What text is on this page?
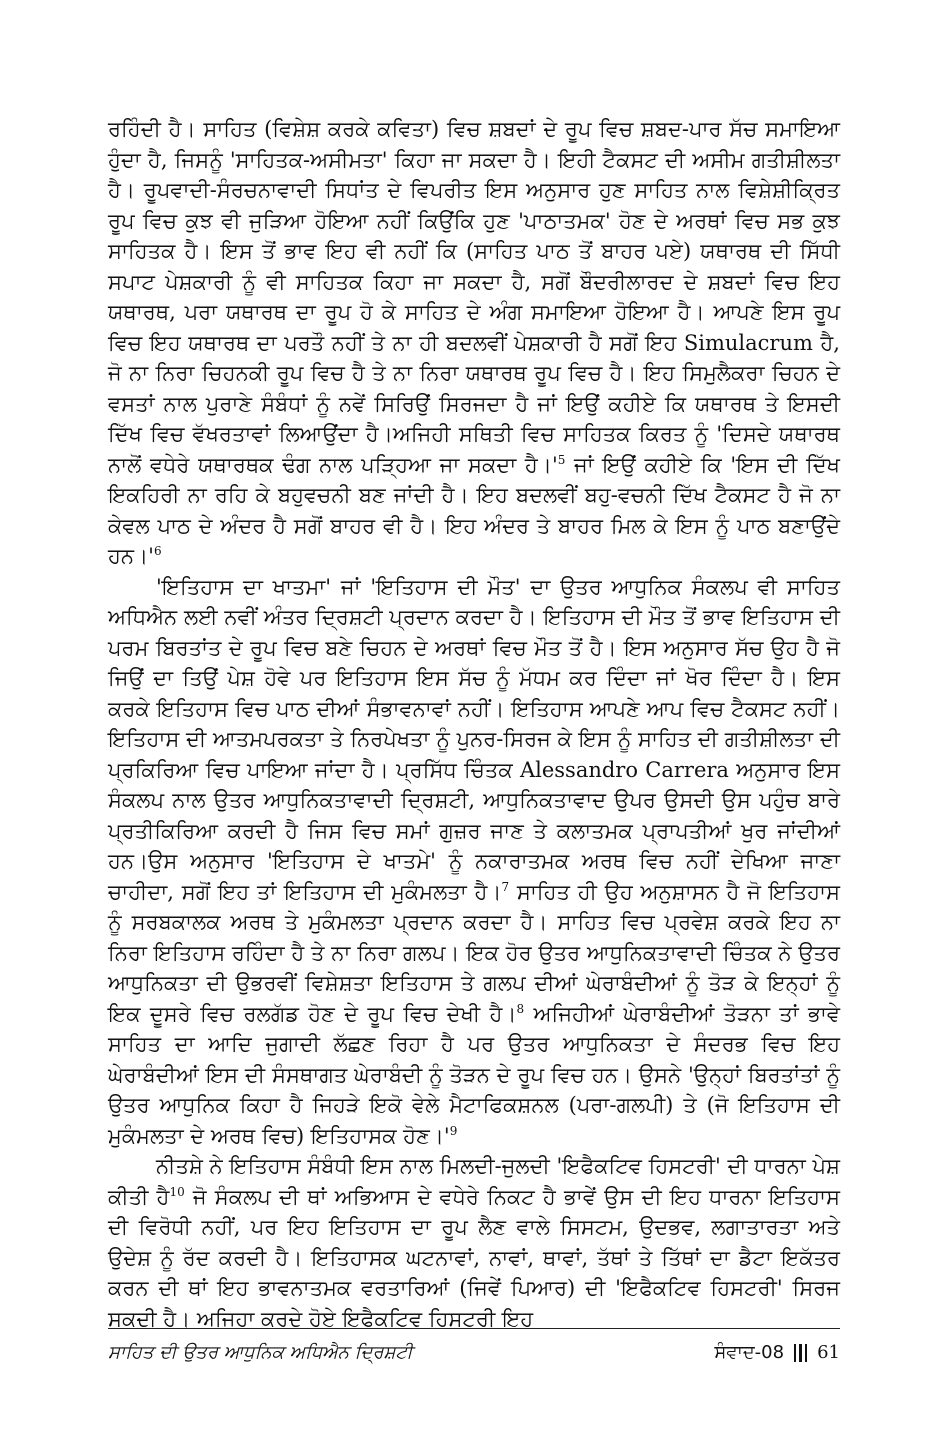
ਰਹਿੰਦੀ ਹੈ। ਸਾਹਿਤ (ਵਿਸ਼ੇਸ਼ ਕਰਕੇ ਕਵਿਤਾ) ਵਿਚ ਸ਼ਬਦਾਂ ਦੇ ਰੂਪ ਵਿਚ ਸ਼ਬਦ-ਪਾਰ ਸੱਚ ਸਮਾਇਆ ਹੁੰਦਾ ਹੈ, ਜਿਸਨੂੰ 'ਸਾਹਿਤਕ-ਅਸੀਮਤਾ' ਕਿਹਾ ਜਾ ਸਕਦਾ ਹੈ। ਇਹੀ ਟੈਕਸਟ ਦੀ ਅਸੀਮ ਗਤੀਸ਼ੀਲਤਾ ਹੈ। ਰੂਪਵਾਦੀ-ਸੰਰਚਨਾਵਾਦੀ ਸਿਧਾਂਤ ਦੇ ਵਿਪਰੀਤ ਇਸ ਅਨੁਸਾਰ ਹੁਣ ਸਾਹਿਤ ਨਾਲ ਵਿਸ਼ੇਸ਼ੀਕ੍ਰਿਤ ਰੂਪ ਵਿਚ ਕੁਝ ਵੀ ਜੁੜਿਆ ਹੋਇਆ ਨਹੀਂ ਕਿਉਂਕਿ ਹੁਣ 'ਪਾਠਾਤਮਕ' ਹੋਣ ਦੇ ਅਰਥਾਂ ਵਿਚ ਸਭ ਕੁਝ ਸਾਹਿਤਕ ਹੈ। ਇਸ ਤੋਂ ਭਾਵ ਇਹ ਵੀ ਨਹੀਂ ਕਿ (ਸਾਹਿਤ ਪਾਠ ਤੋਂ ਬਾਹਰ ਪਏ) ਯਥਾਰਥ ਦੀ ਸਿੱਧੀ ਸਪਾਟ ਪੇਸ਼ਕਾਰੀ ਨੂੰ ਵੀ ਸਾਹਿਤਕ ਕਿਹਾ ਜਾ ਸਕਦਾ ਹੈ, ਸਗੋਂ ਬੌਦਰੀਲਾਰਦ ਦੇ ਸ਼ਬਦਾਂ ਵਿਚ ਇਹ ਯਥਾਰਥ, ਪਰਾ ਯਥਾਰਥ ਦਾ ਰੂਪ ਹੋ ਕੇ ਸਾਹਿਤ ਦੇ ਅੰਗ ਸਮਾਇਆ ਹੋਇਆ ਹੈ। ਆਪਣੇ ਇਸ ਰੂਪ ਵਿਚ ਇਹ ਯਥਾਰਥ ਦਾ ਪਰਤੌ ਨਹੀਂ ਤੇ ਨਾ ਹੀ ਬਦਲਵੀਂ ਪੇਸ਼ਕਾਰੀ ਹੈ ਸਗੋਂ ਇਹ Simulacrum ਹੈ, ਜੋ ਨਾ ਨਿਰਾ ਚਿਹਨਕੀ ਰੂਪ ਵਿਚ ਹੈ ਤੇ ਨਾ ਨਿਰਾ ਯਥਾਰਥ ਰੂਪ ਵਿਚ ਹੈ। ਇਹ ਸਿਮੁਲੈਕਰਾ ਚਿਹਨ ਦੇ ਵਸਤਾਂ ਨਾਲ ਪੁਰਾਣੇ ਸੰਬੰਧਾਂ ਨੂੰ ਨਵੇਂ ਸਿਰਿਉਂ ਸਿਰਜਦਾ ਹੈ ਜਾਂ ਇਉਂ ਕਹੀਏ ਕਿ ਯਥਾਰਥ ਤੇ ਇਸਦੀ ਦਿੱਖ ਵਿਚ ਵੱਖਰਤਾਵਾਂ ਲਿਆਉਂਦਾ ਹੈ।ਅਜਿਹੀ ਸਥਿਤੀ ਵਿਚ ਸਾਹਿਤਕ ਕਿਰਤ ਨੂੰ 'ਦਿਸਦੇ ਯਥਾਰਥ ਨਾਲੋਂ ਵਧੇਰੇ ਯਥਾਰਥਕ ਢੰਗ ਨਾਲ ਪੜ੍ਹਿਆ ਜਾ ਸਕਦਾ $ਹੈ।'^5$ ਜਾਂ ਇਉਂ ਕਹੀਏ ਕਿ 'ਇਸ ਦੀ ਦਿੱਖ ਇਕਹਿਰੀ ਨਾ ਰਹਿ ਕੇ ਬਹੁਵਚਨੀ ਬਣ ਜਾਂਦੀ ਹੈ। ਇਹ ਬਦਲਵੀਂ ਬਹੁ-ਵਚਨੀ ਦਿੱਖ ਟੈਕਸਟ ਹੈ ਜੋ ਨਾ ਕੇਵਲ ਪਾਠ ਦੇ ਅੰਦਰ ਹੈ ਸਗੋਂ ਬਾਹਰ ਵੀ ਹੈ। ਇਹ ਅੰਦਰ ਤੇ ਬਾਹਰ ਮਿਲ ਕੇ ਇਸ ਨੂੰ ਪਾਠ ਬਣਾਉਂਦੇ $ਹਨ।'^6$

'ਇਤਿਹਾਸ ਦਾ ਖਾਤਮਾ' ਜਾਂ 'ਇਤਿਹਾਸ ਦੀ ਮੌਤ' ਦਾ ਉਤਰ ਆਧੁਨਿਕ ਸੰਕਲਪ ਵੀ ਸਾਹਿਤ ਅਧਿਐਨ ਲਈ ਨਵੀਂ ਅੰਤਰ ਦ੍ਰਿਸ਼ਟੀ ਪ੍ਰਦਾਨ ਕਰਦਾ ਹੈ। ਇਤਿਹਾਸ ਦੀ ਮੌਤ ਤੋਂ ਭਾਵ ਇਤਿਹਾਸ ਦੀ ਪਰਮ ਬਿਰਤਾਂਤ ਦੇ ਰੂਪ ਵਿਚ ਬਣੇ ਚਿਹਨ ਦੇ ਅਰਥਾਂ ਵਿਚ ਮੌਤ ਤੋਂ ਹੈ। ਇਸ ਅਨੁਸਾਰ ਸੱਚ ਉਹ ਹੈ ਜੋ ਜਿਉਂ ਦਾ ਤਿਉਂ ਪੇਸ਼ ਹੋਵੇ ਪਰ ਇਤਿਹਾਸ ਇਸ ਸੱਚ ਨੂੰ ਮੱਧਮ ਕਰ ਦਿੰਦਾ ਜਾਂ ਖੋਰ ਦਿੰਦਾ ਹੈ। ਇਸ ਕਰਕੇ ਇਤਿਹਾਸ ਵਿਚ ਪਾਠ ਦੀਆਂ ਸੰਭਾਵਨਾਵਾਂ ਨਹੀਂ। ਇਤਿਹਾਸ ਆਪਣੇ ਆਪ ਵਿਚ ਟੈਕਸਟ ਨਹੀਂ। ਇਤਿਹਾਸ ਦੀ ਆਤਮਪਰਕਤਾ ਤੇ ਨਿਰਪੇਖਤਾ ਨੂੰ ਪੁਨਰ-ਸਿਰਜ ਕੇ ਇਸ ਨੂੰ ਸਾਹਿਤ ਦੀ ਗਤੀਸ਼ੀਲਤਾ ਦੀ ਪ੍ਰਕਿਰਿਆ ਵਿਚ ਪਾਇਆ ਜਾਂਦਾ ਹੈ। ਪ੍ਰਸਿੱਧ ਚਿੰਤਕ Alessandro Carrera ਅਨੁਸਾਰ ਇਸ ਸੰਕਲਪ ਨਾਲ ਉਤਰ ਆਧੁਨਿਕਤਾਵਾਦੀ ਦ੍ਰਿਸ਼ਟੀ, ਆਧੁਨਿਕਤਾਵਾਦ ਉਪਰ ਉਸਦੀ ਉਸ ਪਹੁੰਚ ਬਾਰੇ ਪ੍ਰਤੀਕਿਰਿਆ ਕਰਦੀ ਹੈ ਜਿਸ ਵਿਚ ਸਮਾਂ ਗੁਜ਼ਰ ਜਾਣ ਤੇ ਕਲਾਤਮਕ ਪ੍ਰਾਪਤੀਆਂ ਖੁਰ ਜਾਂਦੀਆਂ ਹਨ।ਉਸ ਅਨੁਸਾਰ 'ਇਤਿਹਾਸ ਦੇ ਖਾਤਮੇ' ਨੂੰ ਨਕਾਰਾਤਮਕ ਅਰਥ ਵਿਚ ਨਹੀਂ ਦੇਖਿਆ ਜਾਣਾ ਚਾਹੀਦਾ, ਸਗੋਂ ਇਹ ਤਾਂ ਇਤਿਹਾਸ ਦੀ ਮੁਕੰਮਲਤਾ ਹੈ।$^7$ ਸਾਹਿਤ ਹੀ ਉਹ ਅਨੁਸ਼ਾਸਨ ਹੈ ਜੋ ਇਤਿਹਾਸ ਨੂੰ ਸਰਬਕਾਲਕ ਅਰਥ ਤੇ ਮੁਕੰਮਲਤਾ ਪ੍ਰਦਾਨ ਕਰਦਾ ਹੈ। ਸਾਹਿਤ ਵਿਚ ਪ੍ਰਵੇਸ਼ ਕਰਕੇ ਇਹ ਨਾ ਨਿਰਾ ਇਤਿਹਾਸ ਰਹਿੰਦਾ ਹੈ ਤੇ ਨਾ ਨਿਰਾ ਗਲਪ। ਇਕ ਹੋਰ ਉਤਰ ਆਧੁਨਿਕਤਾਵਾਦੀ ਚਿੰਤਕ ਨੇ ਉਤਰ ਆਧੁਨਿਕਤਾ ਦੀ ਉਭਰਵੀਂ ਵਿਸ਼ੇਸ਼ਤਾ ਇਤਿਹਾਸ ਤੇ ਗਲਪ ਦੀਆਂ ਘੇਰਾਬੰਦੀਆਂ ਨੂੰ ਤੋੜ ਕੇ ਇਨ੍ਹਾਂ ਨੂੰ ਇਕ ਦੂਸਰੇ ਵਿਚ ਰਲਗੱਡ ਹੋਣ ਦੇ ਰੂਪ ਵਿਚ ਦੇਖੀ ਹੈ।$^8$ ਅਜਿਹੀਆਂ ਘੇਰਾਬੰਦੀਆਂ ਤੋੜਨਾ ਤਾਂ ਭਾਵੇ ਸਾਹਿਤ ਦਾ ਆਦਿ ਜੁਗਾਦੀ ਲੱਛਣ ਰਿਹਾ ਹੈ ਪਰ ਉਤਰ ਆਧੁਨਿਕਤਾ ਦੇ ਸੰਦਰਭ ਵਿਚ ਇਹ ਘੇਰਾਬੰਦੀਆਂ ਇਸ ਦੀ ਸੰਸਥਾਗਤ ਘੇਰਾਬੰਦੀ ਨੂੰ ਤੋੜਨ ਦੇ ਰੂਪ ਵਿਚ ਹਨ। ਉਸਨੇ 'ਉਨ੍ਹਾਂ ਬਿਰਤਾਂਤਾਂ ਨੂੰ ਉਤਰ ਆਧੁਨਿਕ ਕਿਹਾ ਹੈ ਜਿਹੜੇ ਇਕੋ ਵੇਲੇ ਮੈਟਾਫਿਕਸ਼ਨਲ (ਪਰਾ-ਗਲਪੀ) ਤੇ (ਜੋ ਇਤਿਹਾਸ ਦੀ ਮੁਕੰਮਲਤਾ ਦੇ ਅਰਥ ਵਿਚ) ਇਤਿਹਾਸਕ $ਹੋਣ।'^9$

ਨੀਤਸ਼ੇ ਨੇ ਇਤਿਹਾਸ ਸੰਬੰਧੀ ਇਸ ਨਾਲ ਮਿਲਦੀ-ਜੁਲਦੀ 'ਇਫੈਕਟਿਵ ਹਿਸਟਰੀ' ਦੀ ਧਾਰਨਾ ਪੇਸ਼ ਕੀਤੀ ਹੈ$^{10}$ ਜੋ ਸੰਕਲਪ ਦੀ ਥਾਂ ਅਭਿਆਸ ਦੇ ਵਧੇਰੇ ਨਿਕਟ ਹੈ ਭਾਵੇਂ ਉਸ ਦੀ ਇਹ ਧਾਰਨਾ ਇਤਿਹਾਸ ਦੀ ਵਿਰੋਧੀ ਨਹੀਂ, ਪਰ ਇਹ ਇਤਿਹਾਸ ਦਾ ਰੂਪ ਲੈਣ ਵਾਲੇ ਸਿਸਟਮ, ਉਦਭਵ, ਲਗਾਤਾਰਤਾ ਅਤੇ ਉਦੇਸ਼ ਨੂੰ ਰੱਦ ਕਰਦੀ ਹੈ। ਇਤਿਹਾਸਕ ਘਟਨਾਵਾਂ, ਨਾਵਾਂ, ਥਾਵਾਂ, ਤੱਥਾਂ ਤੇ ਤਿੱਥਾਂ ਦਾ ਡੈਟਾ ਇਕੱਤਰ ਕਰਨ ਦੀ ਥਾਂ ਇਹ ਭਾਵਨਾਤਮਕ ਵਰਤਾਰਿਆਂ (ਜਿਵੇਂ ਪਿਆਰ) ਦੀ 'ਇਫੈਕਟਿਵ ਹਿਸਟਰੀ' ਸਿਰਜ ਸਕਦੀ ਹੈ। ਅਜਿਹਾ ਕਰਦੇ ਹੋਏ ਇਫੈਕਟਿਵ ਹਿਸਟਰੀ ਇਹ

ਸਾਹਿਤ ਦੀ ਉਤਰ ਆਧੁਨਿਕ ਅਧਿਐਨ ਦ੍ਰਿਸ਼ਟੀ	ਸੰਵਾਦ-08 61
